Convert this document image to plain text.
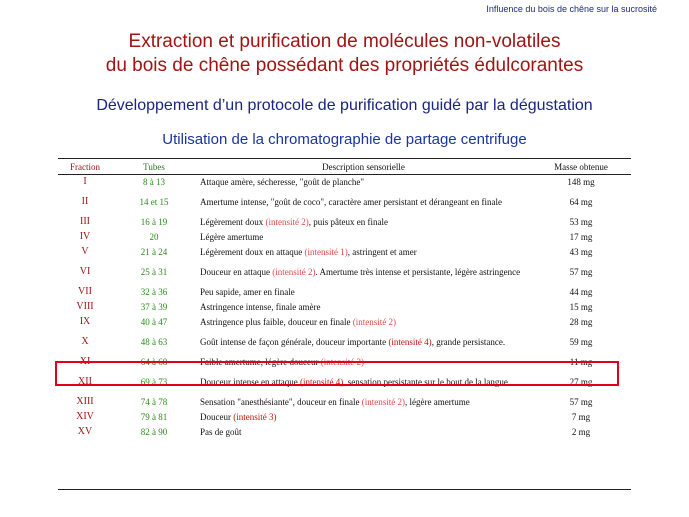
Influence du bois de chêne sur la sucrosité
Extraction et purification de molécules non-volatiles
du bois de chêne possédant des propriétés édulcorantes
Développement d’un protocole de purification guidé par la dégustation
Utilisation de la chromatographie de partage centrifuge
Fraction	Tubes	Description sensorielle	Masse obtenue
I	8 à 13	Attaque amère, sécheresse, "goût de planche"	148 mg
II	14 et 15	Amertume intense, "goût de coco", caractère amer persistant et dérangeant en finale	64 mg
III	16 à 19	Légèrement doux (intensité 2), puis pâteux en finale	53 mg
IV	20	Légère amertume	17 mg
V	21 à 24	Légèrement doux en attaque (intensité 1), astringent et amer	43 mg
VI	25 à 31	Douceur en attaque (intensité 2). Amertume très intense et persistante, légère astringence	57 mg
VII	32 à 36	Peu sapide, amer en finale	44 mg
VIII	37 à 39	Astringence intense, finale amère	15 mg
IX	40 à 47	Astringence plus faible, douceur en finale (intensité 2)	28 mg
X	48 à 63	Goût intense de façon générale, douceur importante (intensité 4), grande persistance.	59 mg
XI	64 à 68	Faible amertume, légère douceur (intensité 2)	11 mg
XII	69 à 73	Douceur intense en attaque (intensité 4), sensation persistante sur le bout de la langue	27 mg
XIII	74 à 78	Sensation "anesthésiante", douceur en finale (intensité 2), légère amertume	57 mg
XIV	79 à 81	Douceur (intensité 3)	7 mg
XV	82 à 90	Pas de goût	2 mg
